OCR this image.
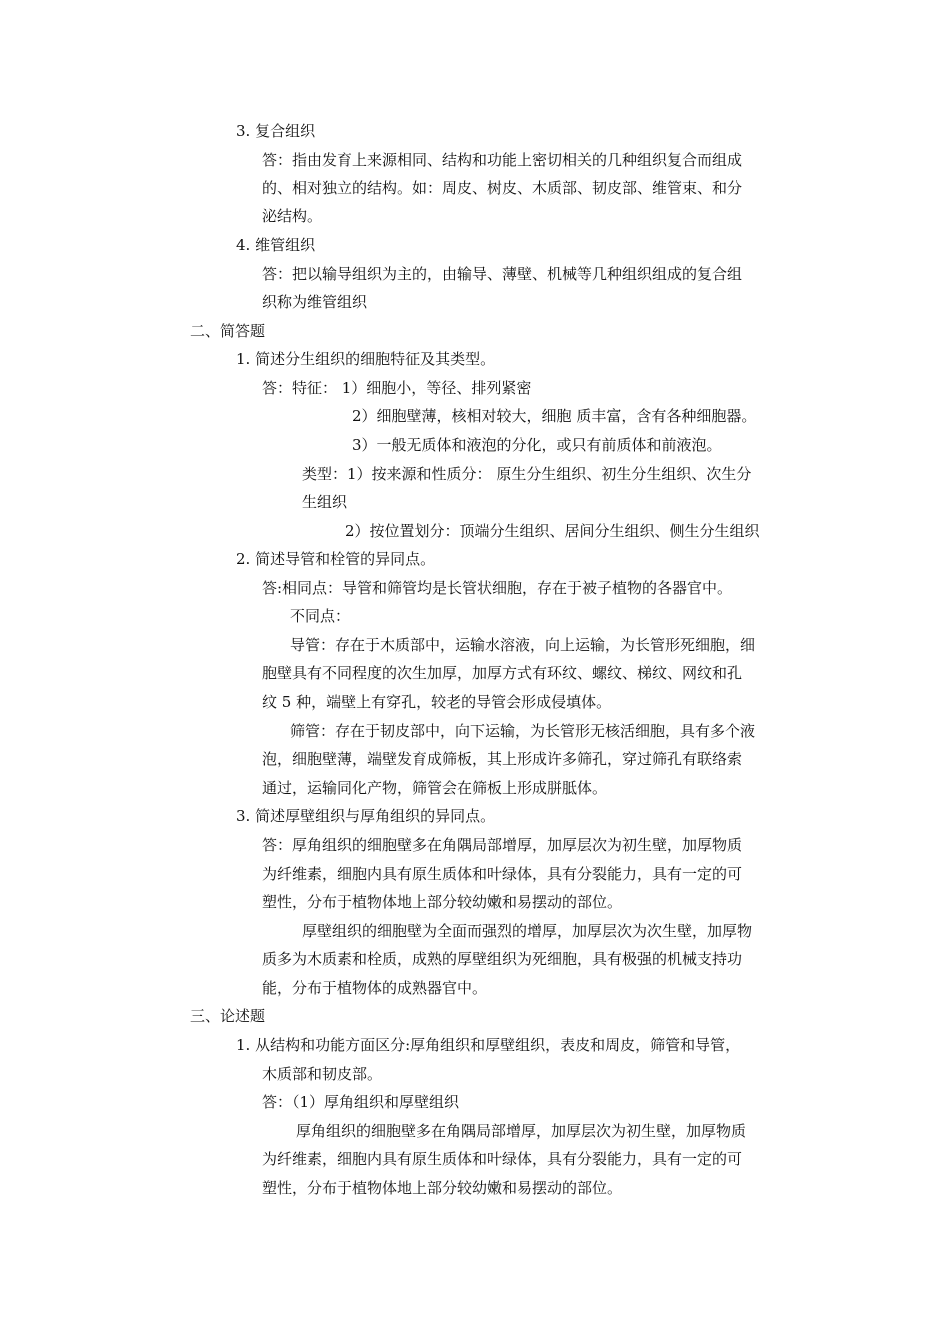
3. 复合组织
答：指由发育上来源相同、结构和功能上密切相关的几种组织复合而组成
的、相对独立的结构。如：周皮、树皮、木质部、韧皮部、维管束、和分
泌结构。
4. 维管组织
答：把以输导组织为主的，由输导、薄壁、机械等几种组织组成的复合组
织称为维管组织
二、简答题
1. 简述分生组织的细胞特征及其类型。
答：特征： 1）细胞小，等径、排列紧密
2）细胞壁薄，核相对较大，细胞 质丰富，含有各种细胞器。
3）一般无质体和液泡的分化，或只有前质体和前液泡。
类型：1）按来源和性质分： 原生分生组织、初生分生组织、次生分
生组织
2）按位置划分：顶端分生组织、居间分生组织、侧生分生组织
2. 简述导管和栓管的异同点。
答:相同点：导管和筛管均是长管状细胞，存在于被子植物的各器官中。
不同点：
导管：存在于木质部中，运输水溶液，向上运输，为长管形死细胞，细
胞壁具有不同程度的次生加厚，加厚方式有环纹、螺纹、梯纹、网纹和孔
纹 5 种，端壁上有穿孔，较老的导管会形成侵填体。
筛管：存在于韧皮部中，向下运输，为长管形无核活细胞，具有多个液
泡，细胞壁薄，端壁发育成筛板，其上形成许多筛孔，穿过筛孔有联络索
通过，运输同化产物，筛管会在筛板上形成胼胝体。
3. 简述厚壁组织与厚角组织的异同点。
答：厚角组织的细胞壁多在角隅局部增厚，加厚层次为初生壁，加厚物质
为纤维素，细胞内具有原生质体和叶绿体，具有分裂能力，具有一定的可
塑性，分布于植物体地上部分较幼嫩和易摆动的部位。
厚壁组织的细胞壁为全面而强烈的增厚，加厚层次为次生壁，加厚物
质多为木质素和栓质，成熟的厚壁组织为死细胞，具有极强的机械支持功
能，分布于植物体的成熟器官中。
三、论述题
1. 从结构和功能方面区分:厚角组织和厚壁组织，表皮和周皮，筛管和导管，
木质部和韧皮部。
答：（1）厚角组织和厚壁组织
厚角组织的细胞壁多在角隅局部增厚，加厚层次为初生壁，加厚物质
为纤维素，细胞内具有原生质体和叶绿体，具有分裂能力，具有一定的可
塑性，分布于植物体地上部分较幼嫩和易摆动的部位。
